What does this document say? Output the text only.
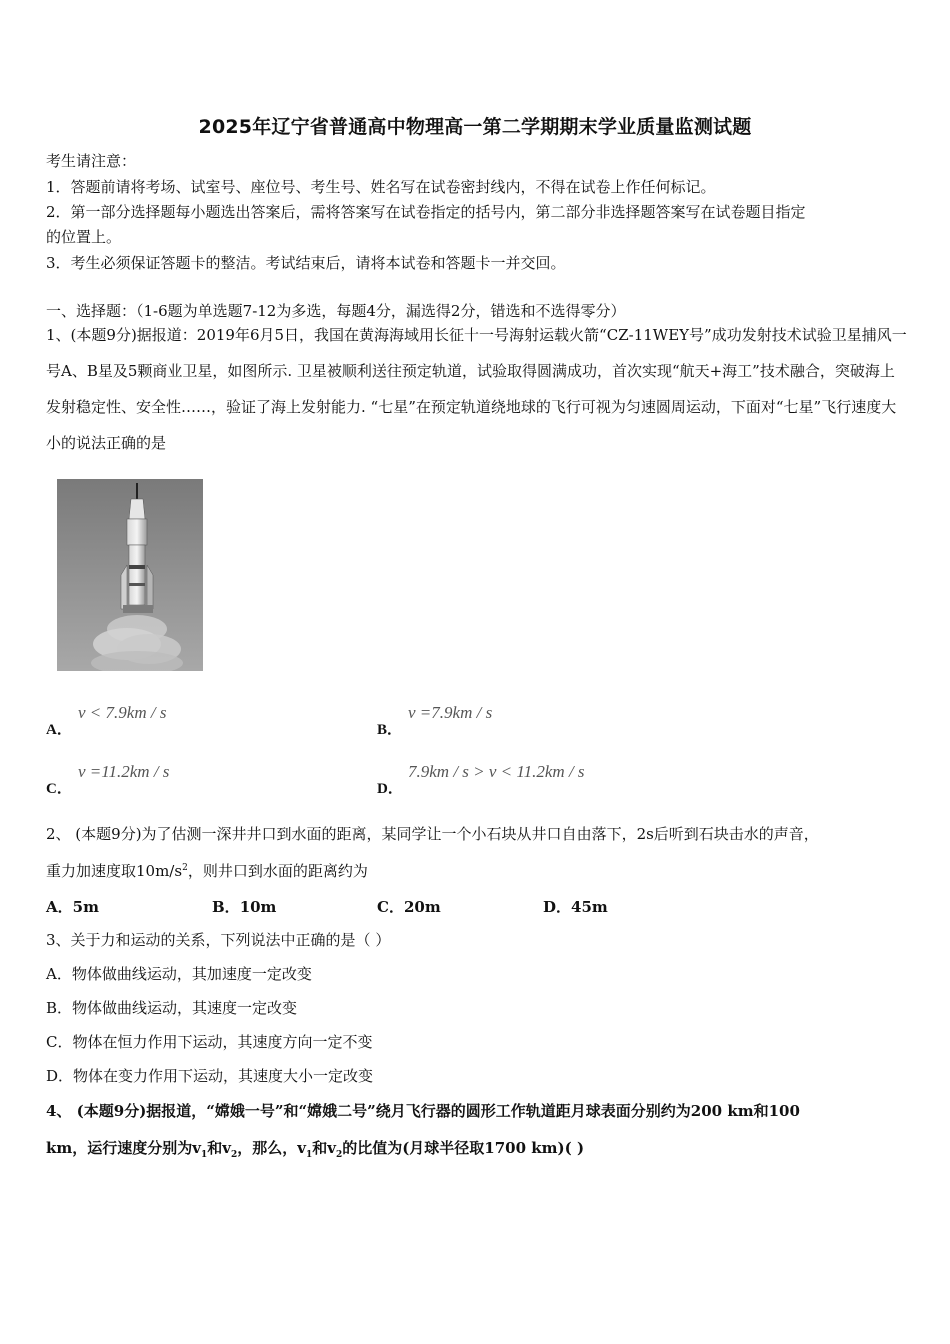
2025年辽宁省普通高中物理高一第二学期期末学业质量监测试题
考生请注意：
1．答题前请将考场、试室号、座位号、考生号、姓名写在试卷密封线内，不得在试卷上作任何标记。
2．第一部分选择题每小题选出答案后，需将答案写在试卷指定的括号内，第二部分非选择题答案写在试卷题目指定
的位置上。
3．考生必须保证答题卡的整洁。考试结束后，请将本试卷和答题卡一并交回。
一、选择题：（1-6题为单选题7-12为多选，每题4分，漏选得2分，错选和不选得零分）
1、(本题9分)据报道：2019年6月5日，我国在黄海海域用长征十一号海射运载火箭“CZ-11WEY号”成功发射技术试验卫星捕风一号A、B星及5颗商业卫星，如图所示. 卫星被顺利送往预定轨道，试验取得圆满成功，首次实现“航天+海工”技术融合，突破海上发射稳定性、安全性……，验证了海上发射能力. “七星”在预定轨道绕地球的飞行可视为匀速圆周运动，下面对“七星”飞行速度大小的说法正确的是
A．
v < 7.9km / s
B．
v =7.9km / s
C．
v =11.2km / s
D．
7.9km / s > v < 11.2km / s
2、 (本题9分)为了估测一深井井口到水面的距离，某同学让一个小石块从井口自由落下，2s后听到石块击水的声音，
重力加速度取$10m/s^2$，则井口到水面的距离约为
A．5m	B．10m	C．20m	D．45m
3、关于力和运动的关系，下列说法中正确的是（ ）
A．物体做曲线运动，其加速度一定改变
B．物体做曲线运动，其速度一定改变
C．物体在恒力作用下运动，其速度方向一定不变
D．物体在变力作用下运动，其速度大小一定改变
4、 (本题9分)据报道，“嫦娥一号”和“嫦娥二号”绕月飞行器的圆形工作轨道距月球表面分别约为200 km和100
km，运行速度分别为$v_1$和$v_2$，那么，$v_1$和$v_2$的比值为(月球半径取1700 km)( )
